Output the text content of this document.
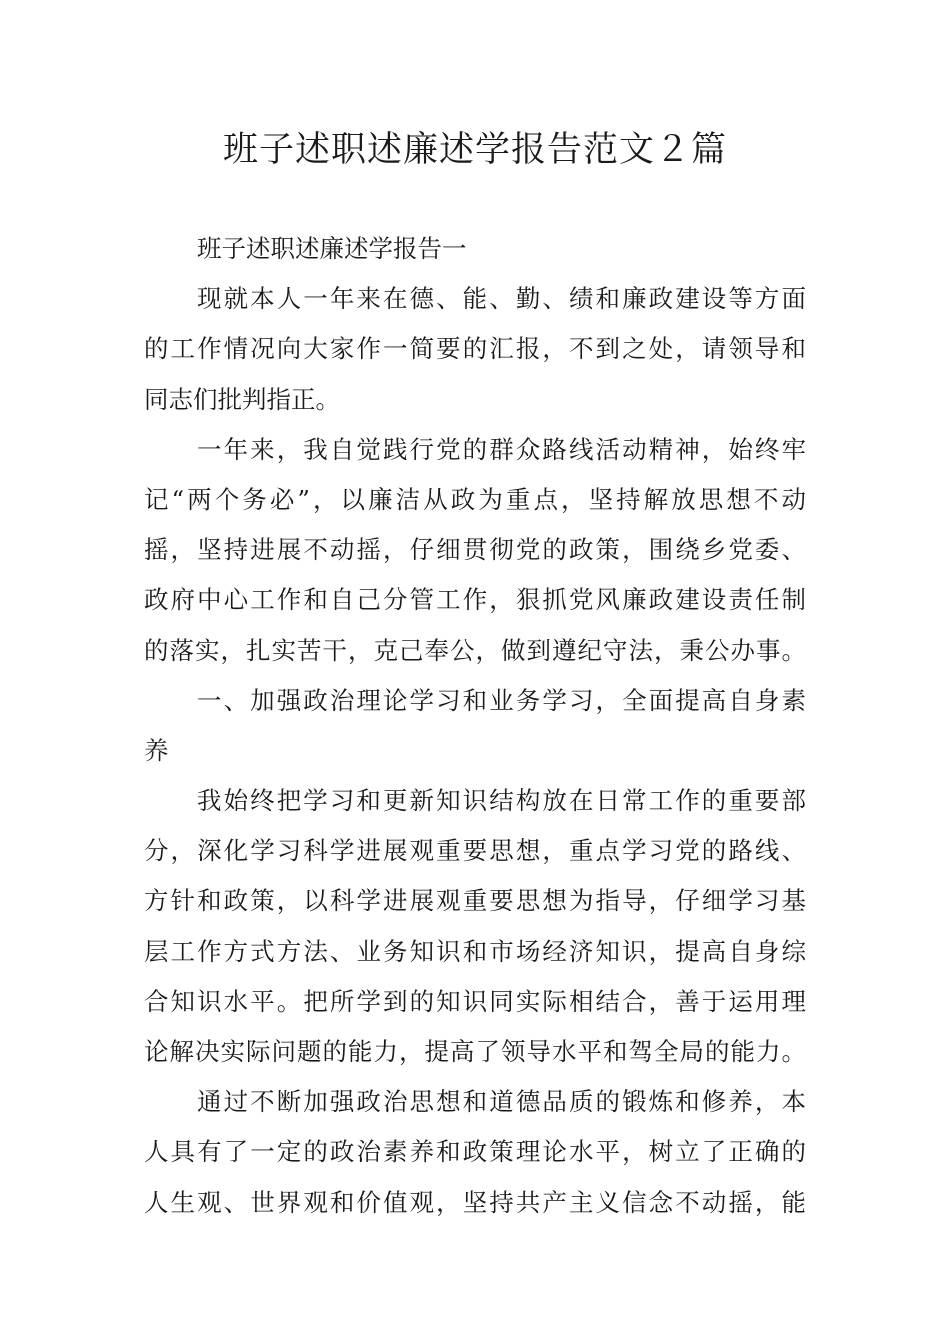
班子述职述廉述学报告范文２篇
班子述职述廉述学报告一
现就本人一年来在德、能、勤、绩和廉政建设等方面
的工作情况向大家作一简要的汇报，不到之处，请领导和
同志们批判指正。
一年来，我自觉践行党的群众路线活动精神，始终牢
记“两个务必”，以廉洁从政为重点，坚持解放思想不动
摇，坚持进展不动摇，仔细贯彻党的政策，围绕乡党委、
政府中心工作和自己分管工作，狠抓党风廉政建设责任制
的落实，扎实苦干，克己奉公，做到遵纪守法，秉公办事。
一、加强政治理论学习和业务学习，全面提高自身素
养
我始终把学习和更新知识结构放在日常工作的重要部
分，深化学习科学进展观重要思想，重点学习党的路线、
方针和政策，以科学进展观重要思想为指导，仔细学习基
层工作方式方法、业务知识和市场经济知识，提高自身综
合知识水平。把所学到的知识同实际相结合，善于运用理
论解决实际问题的能力，提高了领导水平和驾全局的能力。
通过不断加强政治思想和道德品质的锻炼和修养，本
人具有了一定的政治素养和政策理论水平，树立了正确的
人生观、世界观和价值观，坚持共产主义信念不动摇，能
